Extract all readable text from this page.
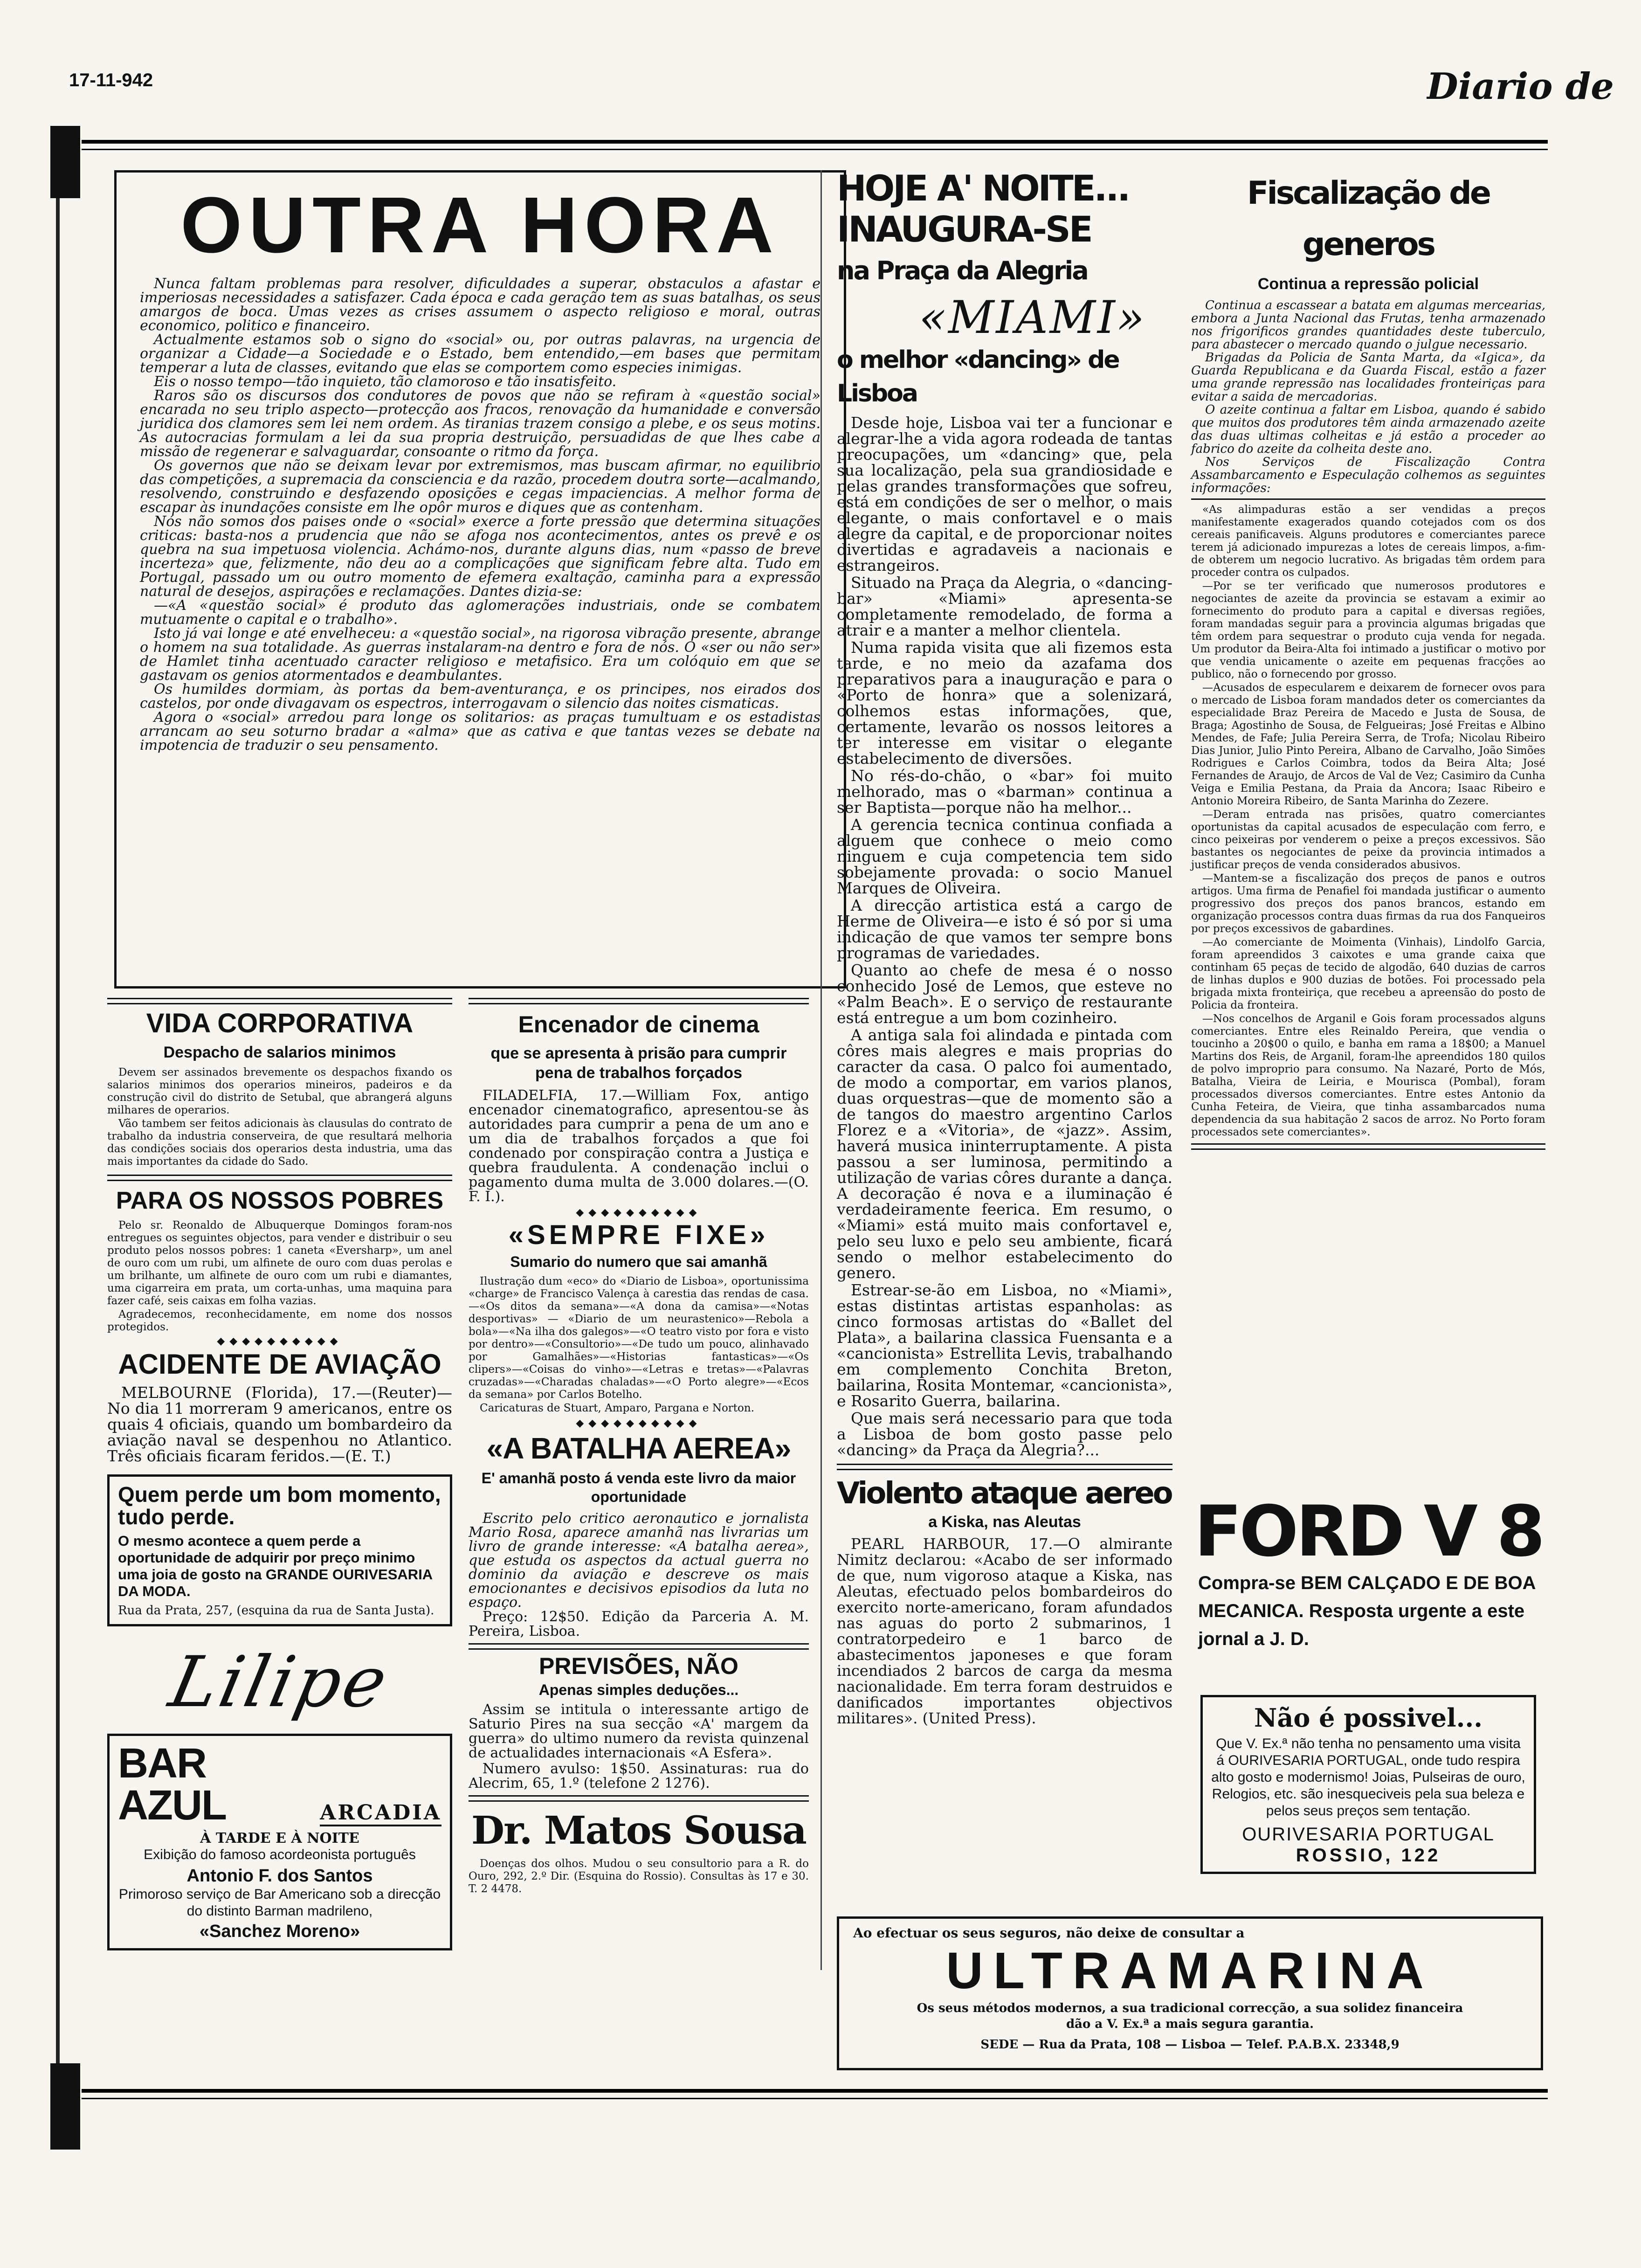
17-11-942	Diario de
OUTRA HORA

Nunca faltam problemas para resolver, dificuldades a superar, obstaculos a afastar e imperiosas necessidades a satisfazer. Cada época e cada geração tem as suas batalhas, os seus amargos de boca. Umas vezes as crises assumem o aspecto religioso e moral, outras economico, politico e financeiro.

Actualmente estamos sob o signo do «social» ou, por outras palavras, na urgencia de organizar a Cidade—a Sociedade e o Estado, bem entendido,—em bases que permitam temperar a luta de classes, evitando que elas se comportem como especies inimigas.

Eis o nosso tempo—tão inquieto, tão clamoroso e tão insatisfeito.

Raros são os discursos dos condutores de povos que não se refiram à «questão social» encarada no seu triplo aspecto—protecção aos fracos, renovação da humanidade e conversão juridica dos clamores sem lei nem ordem. As tiranias trazem consigo a plebe, e os seus motins. As autocracias formulam a lei da sua propria destruição, persuadidas de que lhes cabe a missão de regenerar e salvaguardar, consoante o ritmo da força.

Os governos que não se deixam levar por extremismos, mas buscam afirmar, no equilibrio das competições, a supremacia da consciencia e da razão, procedem doutra sorte—acalmando, resolvendo, construindo e desfazendo oposições e cegas impaciencias. A melhor forma de escapar às inundações consiste em lhe opôr muros e diques que as contenham.

Nós não somos dos paises onde o «social» exerce a forte pressão que determina situações criticas: basta-nos a prudencia que não se afoga nos acontecimentos, antes os prevê e os quebra na sua impetuosa violencia. Achámo-nos, durante alguns dias, num «passo de breve incerteza» que, felizmente, não deu ao a complicações que significam febre alta. Tudo em Portugal, passado um ou outro momento de efemera exaltação, caminha para a expressão natural de desejos, aspirações e reclamações. Dantes dizia-se:

—«A «questão social» é produto das aglomerações industriais, onde se combatem mutuamente o capital e o trabalho».

Isto já vai longe e até envelheceu: a «questão social», na rigorosa vibração presente, abrange o homem na sua totalidade. As guerras instalaram-na dentro e fora de nós. O «ser ou não ser» de Hamlet tinha acentuado caracter religioso e metafisico. Era um colóquio em que se gastavam os genios atormentados e deambulantes.

Os humildes dormiam, às portas da bem-aventurança, e os principes, nos eirados dos castelos, por onde divagavam os espectros, interrogavam o silencio das noites cismaticas.

Agora o «social» arredou para longe os solitarios: as praças tumultuam e os estadistas arrancam ao seu soturno bradar a «alma» que as cativa e que tantas vezes se debate na impotencia de traduzir o seu pensamento.

VIDA CORPORATIVA
Despacho de salarios minimos

Devem ser assinados brevemente os despachos fixando os salarios minimos dos operarios mineiros, padeiros e da construção civil do distrito de Setubal, que abrangerá alguns milhares de operarios.

Vão tambem ser feitos adicionais às clausulas do contrato de trabalho da industria conserveira, de que resultará melhoria das condições sociais dos operarios desta industria, uma das mais importantes da cidade do Sado.

PARA OS NOSSOS POBRES

Pelo sr. Reonaldo de Albuquerque Domingos foram-nos entregues os seguintes objectos, para vender e distribuir o seu produto pelos nossos pobres: 1 caneta «Eversharp», um anel de ouro com um rubi, um alfinete de ouro com duas perolas e um brilhante, um alfinete de ouro com um rubi e diamantes, uma cigarreira em prata, um corta-unhas, uma maquina para fazer café, seis caixas em folha vazias.

Agradecemos, reconhecidamente, em nome dos nossos protegidos.

◆◆◆◆◆◆◆◆◆◆
ACIDENTE DE AVIAÇÃO

MELBOURNE (Florida), 17.—(Reuter)—No dia 11 morreram 9 americanos, entre os quais 4 oficiais, quando um bombardeiro da aviação naval se despenhou no Atlantico. Três oficiais ficaram feridos.—(E. T.)

Quem perde um bom momento, tudo perde.
O mesmo acontece a quem perde a oportunidade de adquirir por preço minimo uma joia de gosto na GRANDE OURIVESARIA DA MODA.
Rua da Prata, 257, (esquina da rua de Santa Justa).
Lilipe
BAR AZUL	ARCADIA
À TARDE E À NOITE
Exibição do famoso acordeonista português
Antonio F. dos Santos
Primoroso serviço de Bar Americano sob a direcção do distinto Barman madrileno,
«Sanchez Moreno»
Encenador de cinema
que se apresenta à prisão para cumprir pena de trabalhos forçados

FILADELFIA, 17.—William Fox, antigo encenador cinematografico, apresentou-se às autoridades para cumprir a pena de um ano e um dia de trabalhos forçados a que foi condenado por conspiração contra a Justiça e quebra fraudulenta. A condenação inclui o pagamento duma multa de 3.000 dolares.—(O. F. I.).

◆◆◆◆◆◆◆◆◆◆
«SEMPRE FIXE»
Sumario do numero que sai amanhã

Ilustração dum «eco» do «Diario de Lisboa», oportunissima «charge» de Francisco Valença à carestia das rendas de casa.—«Os ditos da semana»—«A dona da camisa»—«Notas desportivas» — «Diario de um neurastenico»—Rebola a bola»—«Na ilha dos galegos»—«O teatro visto por fora e visto por dentro»—«Consultorio»—«De tudo um pouco, alinhavado por Gamalhães»—«Historias fantasticas»—«Os clipers»—«Coisas do vinho»—«Letras e tretas»—«Palavras cruzadas»—«Charadas chaladas»—«O Porto alegre»—«Ecos da semana» por Carlos Botelho.

Caricaturas de Stuart, Amparo, Pargana e Norton.

◆◆◆◆◆◆◆◆◆◆
«A BATALHA AEREA»
E' amanhã posto á venda este livro da maior oportunidade

Escrito pelo critico aeronautico e jornalista Mario Rosa, aparece amanhã nas livrarias um livro de grande interesse: «A batalha aerea», que estuda os aspectos da actual guerra no dominio da aviação e descreve os mais emocionantes e decisivos episodios da luta no espaço.

Preço: 12$50. Edição da Parceria A. M. Pereira, Lisboa.

PREVISÕES, NÃO
Apenas simples deduções...

Assim se intitula o interessante artigo de Saturio Pires na sua secção «A' margem da guerra» do ultimo numero da revista quinzenal de actualidades internacionais «A Esfera».

Numero avulso: 1$50. Assinaturas: rua do Alecrim, 65, 1.º (telefone 2 1276).

Dr. Matos Sousa

Doenças dos olhos. Mudou o seu consultorio para a R. do Ouro, 292, 2.º Dir. (Esquina do Rossio). Consultas às 17 e 30. T. 2 4478.

HOJE A' NOITE...
INAUGURA-SE
na Praça da Alegria
«MIAMI»
o melhor «dancing» de Lisboa

Desde hoje, Lisboa vai ter a funcionar e alegrar-lhe a vida agora rodeada de tantas preocupações, um «dancing» que, pela sua localização, pela sua grandiosidade e pelas grandes transformações que sofreu, está em condições de ser o melhor, o mais elegante, o mais confortavel e o mais alegre da capital, e de proporcionar noites divertidas e agradaveis a nacionais e estrangeiros.

Situado na Praça da Alegria, o «dancing-bar» «Miami» apresenta-se completamente remodelado, de forma a atrair e a manter a melhor clientela.

Numa rapida visita que ali fizemos esta tarde, e no meio da azafama dos preparativos para a inauguração e para o «Porto de honra» que a solenizará, colhemos estas informações, que, certamente, levarão os nossos leitores a ter interesse em visitar o elegante estabelecimento de diversões.

No rés-do-chão, o «bar» foi muito melhorado, mas o «barman» continua a ser Baptista—porque não ha melhor...

A gerencia tecnica continua confiada a alguem que conhece o meio como ninguem e cuja competencia tem sido sobejamente provada: o socio Manuel Marques de Oliveira.

A direcção artistica está a cargo de Herme de Oliveira—e isto é só por si uma indicação de que vamos ter sempre bons programas de variedades.

Quanto ao chefe de mesa é o nosso conhecido José de Lemos, que esteve no «Palm Beach». E o serviço de restaurante está entregue a um bom cozinheiro.

A antiga sala foi alindada e pintada com côres mais alegres e mais proprias do caracter da casa. O palco foi aumentado, de modo a comportar, em varios planos, duas orquestras—que de momento são a de tangos do maestro argentino Carlos Florez e a «Vitoria», de «jazz». Assim, haverá musica ininterruptamente. A pista passou a ser luminosa, permitindo a utilização de varias côres durante a dança. A decoração é nova e a iluminação é verdadeiramente feerica. Em resumo, o «Miami» está muito mais confortavel e, pelo seu luxo e pelo seu ambiente, ficará sendo o melhor estabelecimento do genero.

Estrear-se-ão em Lisboa, no «Miami», estas distintas artistas espanholas: as cinco formosas artistas do «Ballet del Plata», a bailarina classica Fuensanta e a «cancionista» Estrellita Levis, trabalhando em complemento Conchita Breton, bailarina, Rosita Montemar, «cancionista», e Rosarito Guerra, bailarina.

Que mais será necessario para que toda a Lisboa de bom gosto passe pelo «dancing» da Praça da Alegria?...

Violento ataque aereo
a Kiska, nas Aleutas

PEARL HARBOUR, 17.—O almirante Nimitz declarou: «Acabo de ser informado de que, num vigoroso ataque a Kiska, nas Aleutas, efectuado pelos bombardeiros do exercito norte-americano, foram afundados nas aguas do porto 2 submarinos, 1 contratorpedeiro e 1 barco de abastecimentos japoneses e que foram incendiados 2 barcos de carga da mesma nacionalidade. Em terra foram destruidos e danificados importantes objectivos militares». (United Press).

Fiscalização de generos
Continua a repressão policial

Continua a escassear a batata em algumas mercearias, embora a Junta Nacional das Frutas, tenha armazenado nos frigorificos grandes quantidades deste tuberculo, para abastecer o mercado quando o julgue necessario.

Brigadas da Policia de Santa Marta, da «Igica», da Guarda Republicana e da Guarda Fiscal, estão a fazer uma grande repressão nas localidades fronteiriças para evitar a saida de mercadorias.

O azeite continua a faltar em Lisboa, quando é sabido que muitos dos produtores têm ainda armazenado azeite das duas ultimas colheitas e já estão a proceder ao fabrico do azeite da colheita deste ano.

Nos Serviços de Fiscalização Contra Assambarcamento e Especulação colhemos as seguintes informações:

«As alimpaduras estão a ser vendidas a preços manifestamente exagerados quando cotejados com os dos cereais panificaveis. Alguns produtores e comerciantes parece terem já adicionado impurezas a lotes de cereais limpos, a-fim-de obterem um negocio lucrativo. As brigadas têm ordem para proceder contra os culpados.

—Por se ter verificado que numerosos produtores e negociantes de azeite da provincia se estavam a eximir ao fornecimento do produto para a capital e diversas regiões, foram mandadas seguir para a provincia algumas brigadas que têm ordem para sequestrar o produto cuja venda for negada. Um produtor da Beira-Alta foi intimado a justificar o motivo por que vendia unicamente o azeite em pequenas fracções ao publico, não o fornecendo por grosso.

—Acusados de especularem e deixarem de fornecer ovos para o mercado de Lisboa foram mandados deter os comerciantes da especialidade Braz Pereira de Macedo e Justa de Sousa, de Braga; Agostinho de Sousa, de Felgueiras; José Freitas e Albino Mendes, de Fafe; Julia Pereira Serra, de Trofa; Nicolau Ribeiro Dias Junior, Julio Pinto Pereira, Albano de Carvalho, João Simões Rodrigues e Carlos Coimbra, todos da Beira Alta; José Fernandes de Araujo, de Arcos de Val de Vez; Casimiro da Cunha Veiga e Emilia Pestana, da Praia da Ancora; Isaac Ribeiro e Antonio Moreira Ribeiro, de Santa Marinha do Zezere.

—Deram entrada nas prisões, quatro comerciantes oportunistas da capital acusados de especulação com ferro, e cinco peixeiras por venderem o peixe a preços excessivos. São bastantes os negociantes de peixe da provincia intimados a justificar preços de venda considerados abusivos.

—Mantem-se a fiscalização dos preços de panos e outros artigos. Uma firma de Penafiel foi mandada justificar o aumento progressivo dos preços dos panos brancos, estando em organização processos contra duas firmas da rua dos Fanqueiros por preços excessivos de gabardines.

—Ao comerciante de Moimenta (Vinhais), Lindolfo Garcia, foram apreendidos 3 caixotes e uma grande caixa que continham 65 peças de tecido de algodão, 640 duzias de carros de linhas duplos e 900 duzias de botões. Foi processado pela brigada mixta fronteiriça, que recebeu a apreensão do posto de Policia da fronteira.

—Nos concelhos de Arganil e Gois foram processados alguns comerciantes. Entre eles Reinaldo Pereira, que vendia o toucinho a 20$00 o quilo, e banha em rama a 18$00; a Manuel Martins dos Reis, de Arganil, foram-lhe apreendidos 180 quilos de polvo improprio para consumo. Na Nazaré, Porto de Mós, Batalha, Vieira de Leiria, e Mourisca (Pombal), foram processados diversos comerciantes. Entre estes Antonio da Cunha Feteira, de Vieira, que tinha assambarcados numa dependencia da sua habitação 2 sacos de arroz. No Porto foram processados sete comerciantes».

FORD V 8
Compra-se BEM CALÇADO E DE BOA MECANICA. Resposta urgente a este jornal a J. D.
Não é possivel...
Que V. Ex.ª não tenha no pensamento uma visita á OURIVESARIA PORTUGAL, onde tudo respira alto gosto e modernismo! Joias, Pulseiras de ouro, Relogios, etc. são inesqueciveis pela sua beleza e pelos seus preços sem tentação.
OURIVESARIA PORTUGAL
ROSSIO, 122
Ao efectuar os seus seguros, não deixe de consultar a
ULTRAMARINA
Os seus métodos modernos, a sua tradicional correcção, a sua solidez financeira
dão a V. Ex.ª a mais segura garantia.
SEDE — Rua da Prata, 108 — Lisboa — Telef. P.A.B.X. 23348,9
